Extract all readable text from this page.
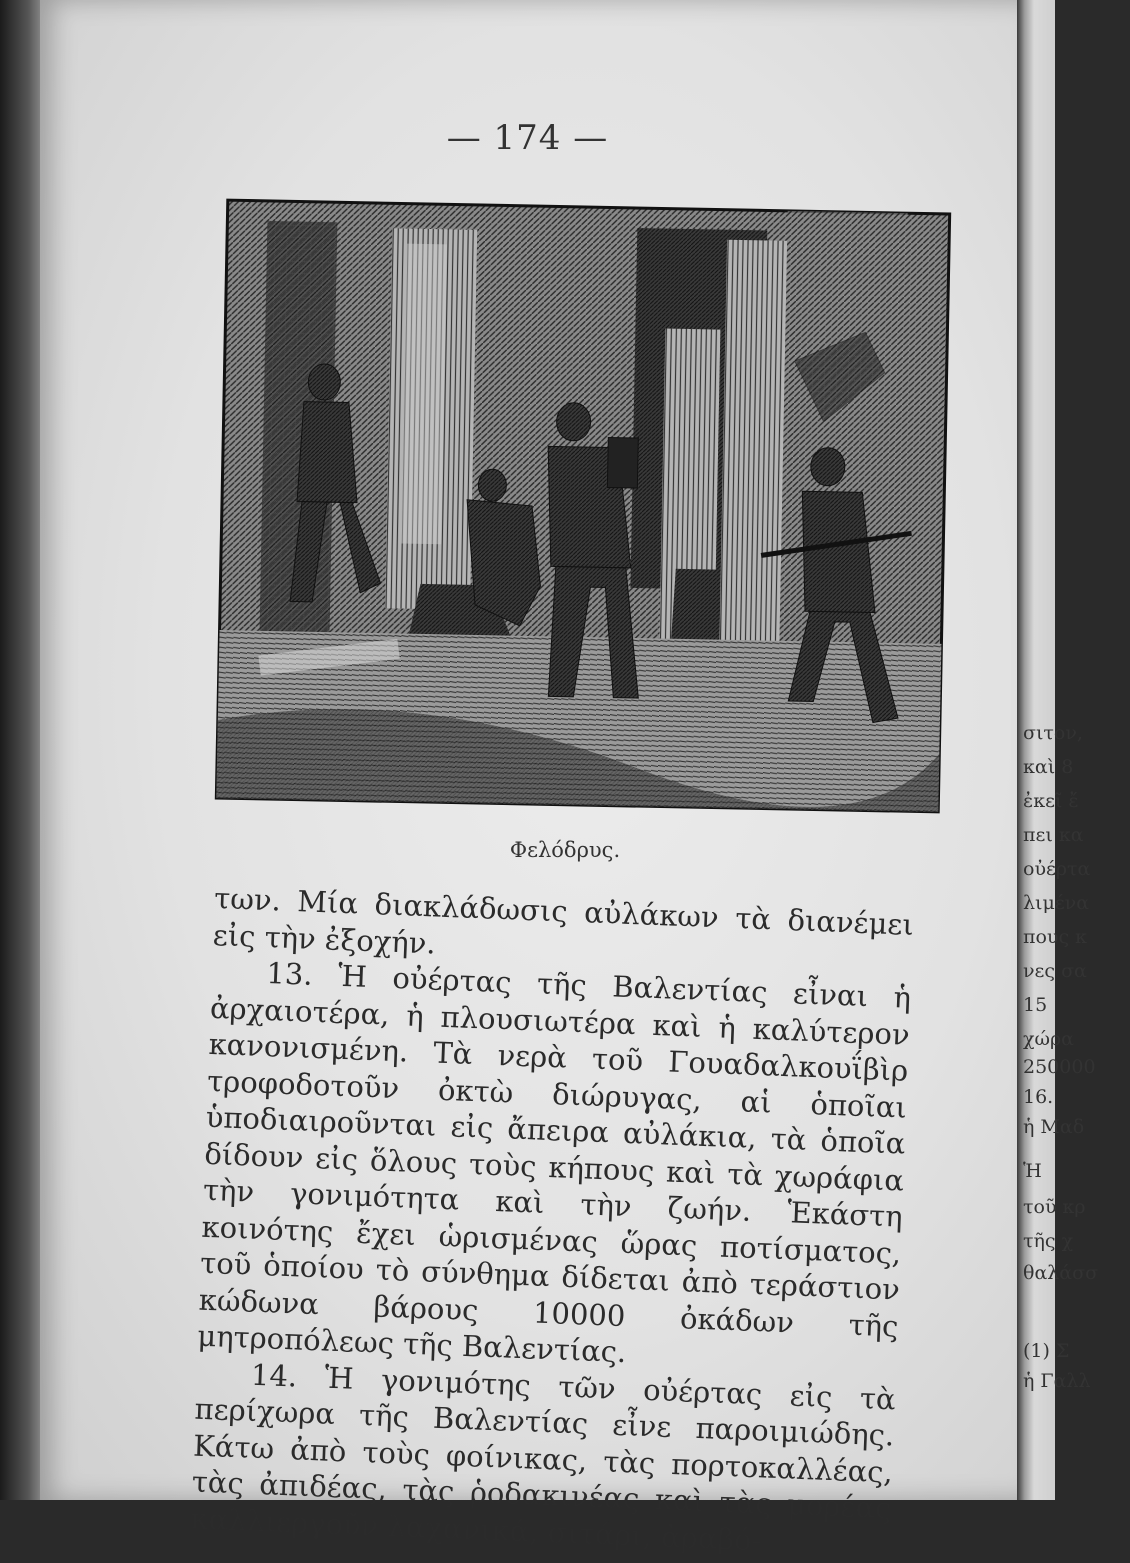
σιτον,
καὶ 8
ἐκεῖ ἔ
πει κα
οὐέρτα
λιμένα
πους κ
νες σα
15
χώρα
250000
16.
ἡ Μαδ
Ἡ
τοῦ κρ
τῆς χ
θαλάσσ
(1) Σ
ἡ Γαλλ
— 174 —
Φελόδρυς.

των. Μία διακλάδωσις αὐλάκων τὰ διανέμει εἰς τὴν ἐξοχήν.

13. Ἡ οὐέρτας τῆς Βαλεντίας εἶναι ἡ ἀρχαιοτέρα, ἡ πλουσιωτέρα καὶ ἡ καλύτερον κανονισμένη. Τὰ νερὰ τοῦ Γουαδαλκουΐβὶρ τροφοδοτοῦν ὀκτὼ διώρυγας, αἱ ὁποῖαι ὑποδιαιροῦνται εἰς ἄπειρα αὐλάκια, τὰ ὁποῖα δίδουν εἰς ὅλους τοὺς κήπους καὶ τὰ χωράφια τὴν γονιμότητα καὶ τὴν ζωήν. Ἑκάστη κοινότης ἔχει ὡρισμένας ὥρας ποτίσματος, τοῦ ὁποίου τὸ σύνθημα δίδεται ἀπὸ τεράστιον κώδωνα βάρους 10000 ὀκάδων τῆς μητροπόλεως τῆς Βαλεντίας.

14. Ἡ γονιμότης τῶν οὐέρτας εἰς τὰ περίχωρα τῆς Βαλεντίας εἶνε παροιμιώδης. Κάτω ἀπὸ τοὺς φοίνικας, τὰς πορτοκαλλέας, τὰς ἀπιδέας, τὰς ῥοδακινέας καὶ τὰς μορέας καλλιεργοῦν λαχανικά, σιτάρι, ἀραβό-
